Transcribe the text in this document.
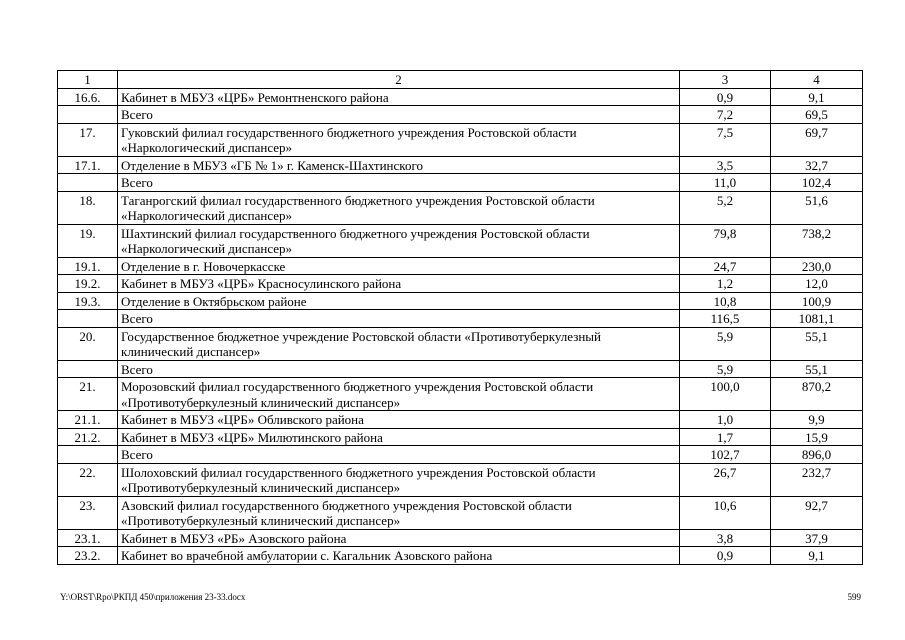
1	2	3	4
16.6.	Кабинет в МБУЗ «ЦРБ» Ремонтненского района	0,9	9,1
	Всего	7,2	69,5
17.	Гуковский филиал государственного бюджетного учреждения Ростовской области «Наркологический диспансер»	7,5	69,7
17.1.	Отделение в МБУЗ «ГБ № 1» г. Каменск-Шахтинского	3,5	32,7
	Всего	11,0	102,4
18.	Таганрогский филиал государственного бюджетного учреждения Ростовской области «Наркологический диспансер»	5,2	51,6
19.	Шахтинский филиал государственного бюджетного учреждения Ростовской области «Наркологический диспансер»	79,8	738,2
19.1.	Отделение в г. Новочеркасске	24,7	230,0
19.2.	Кабинет в МБУЗ «ЦРБ» Красносулинского района	1,2	12,0
19.3.	Отделение в Октябрьском районе	10,8	100,9
	Всего	116,5	1081,1
20.	Государственное бюджетное учреждение Ростовской области «Противотуберкулезный клинический диспансер»	5,9	55,1
	Всего	5,9	55,1
21.	Морозовский филиал государственного бюджетного учреждения Ростовской области «Противотуберкулезный клинический диспансер»	100,0	870,2
21.1.	Кабинет в МБУЗ «ЦРБ» Обливского района	1,0	9,9
21.2.	Кабинет в МБУЗ «ЦРБ» Милютинского района	1,7	15,9
	Всего	102,7	896,0
22.	Шолоховский филиал государственного бюджетного учреждения Ростовской области «Противотуберкулезный клинический диспансер»	26,7	232,7
23.	Азовский филиал государственного бюджетного учреждения Ростовской области «Противотуберкулезный клинический диспансер»	10,6	92,7
23.1.	Кабинет в МБУЗ «РБ» Азовского района	3,8	37,9
23.2.	Кабинет во врачебной амбулатории с. Кагальник Азовского района	0,9	9,1
Y:\ORST\Rpo\РКПД 450\приложения 23-33.docx	599
